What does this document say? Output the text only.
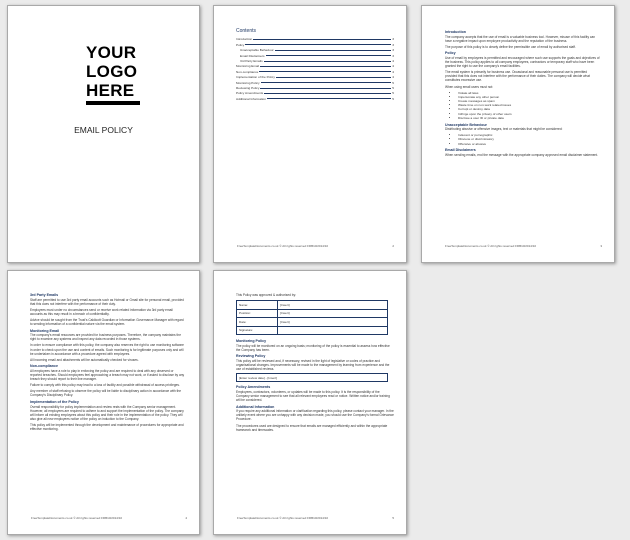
YOUR
LOGO
HERE
EMAIL POLICY
Contents
Introduction	3
Policy	3
Unacceptable Behaviour	3
Email Disclaimers	3
3rd Party Emails	4
Monitoring Email	4
Non-compliance	4
Implementation of the Policy	4
Monitoring Policy	5
Reviewing Policy	5
Policy Amendments	5
Additional Information	5
FreeTemplateDocuments.co.uk © All rights reserved FRB10/2014/10	2
Introduction

The company accepts that the use of email is a valuable business tool. However, misuse of this facility can have a negative impact upon employee productivity and the reputation of the business.

The purpose of this policy is to clearly define the permissible use of email by authorised staff.

Policy

Use of email by employees is permitted and encouraged where such use supports the goals and objectives of the business. This policy applies to all company employees, contractors or temporary staff who have been granted the right to use the company's email facilities.

The email system is primarily for business use. Occasional and reasonable personal use is permitted provided that this does not interfere with the performance of their duties. The company will decide what constitutes excessive use.

When using email users must not:

• Violate all laws
• Impersonate any other person
• Create messages as spam
• Waste time on non-work related issues
• Corrupt or destroy data
• Infringe upon the privacy of other users
• Disclose a user ID or private data
Unacceptable Behaviour

Distributing abusive or offensive images, text or materials that might be considered:

• Indecent or pornographic
• Obscene or discriminatory
• Offensive or abusive
Email Disclaimers

When sending emails, end the message with the appropriate company approved email disclaimer statement.

FreeTemplateDocuments.co.uk © All rights reserved FRB10/2014/10	3
3rd Party Emails

Staff are permitted to use 3rd party email accounts such as Hotmail or Gmail site for personal email, provided that this does not interfere with the performance of their duty.

Employees must under no circumstances send or receive work related information via 3rd party email accounts as this may result in a breach of confidentiality.

Advice should be sought from the Trust's Caldicott Guardian or Information Governance Manager with regard to sending information of a confidential nature via the email system.

Monitoring Email

The company's email resources are provided for business purposes. Therefore, the company maintains the right to examine any systems and inspect any data recorded in those systems.

In order to ensure compliance with this policy, the company also reserves the right to use monitoring software in order to check upon the use and content of emails. Such monitoring is for legitimate purposes only and will be undertaken in accordance with a procedure agreed with employees.

All incoming email and attachments will be automatically checked for viruses.

Non-compliance

All employees have a role to play in enforcing the policy and are required to deal with any observed or reported breaches. Should employees feel approaching a breach may not work, or if asked to disclose by any breach they should report to their line manager.

Failure to comply with this policy may lead to a loss of facility and possible withdrawal of access privileges.

Any member of staff refusing to observe the policy will be liable to disciplinary action in accordance with the Company's Disciplinary Policy.

Implementation of the Policy

Overall responsibility for policy implementation and review rests with the Company senior management. However, all employees are required to adhere to and support the implementation of the policy. The company will inform all existing employees about this policy and their role in the implementation of the policy. They will also give all new employees notice of the policy on induction to the Company.

This policy will be implemented through the development and maintenance of procedures for appropriate and effective monitoring.

FreeTemplateDocuments.co.uk © All rights reserved FRB10/2014/10	4

This Policy was approved & authorised by:

Name:	[Insert]
Position:	[Insert]
Date:	[Insert]
Signature:	
Monitoring Policy

The policy will be monitored on an ongoing basis; monitoring of the policy is essential to assess how effective the Company has been.

Reviewing Policy

This policy will be reviewed and, if necessary, revised in the light of legislative or codes of practice and organisational changes. Improvements will be made to the management by learning from experience and the use of established reviews.

[Enter review date] - [Insert]
Policy Amendments

Employees, contractors, volunteers, or updates will be made to this policy. It is the responsibility of the Company senior management to see that all relevant employees read or notice. Written notice and/or training will be considered.

Additional Information

If you require any additional information or clarification regarding this policy, please contact your manager. In the unlikely event where you are unhappy with any decision made, you should use the Company's formal Grievance Procedure.

The procedures used are designed to ensure that emails are managed efficiently and within the appropriate framework and timescales.

FreeTemplateDocuments.co.uk © All rights reserved FRB10/2014/10	5
